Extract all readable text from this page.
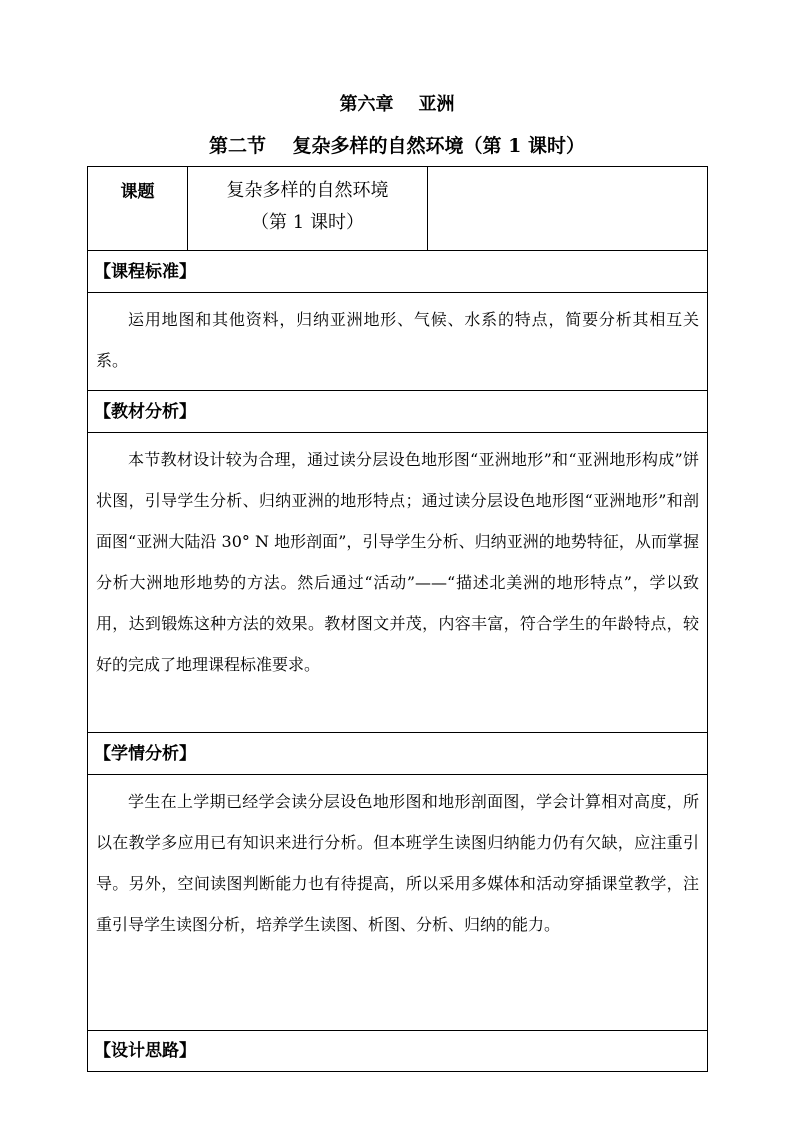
第六章    亚洲
第二节    复杂多样的自然环境（第 1 课时）
课题	复杂多样的自然环境
（第 1 课时）

【课程标准】
运用地图和其他资料，归纳亚洲地形、气候、水系的特点，简要分析其相互关系。
【教材分析】
本节教材设计较为合理，通过读分层设色地形图“亚洲地形”和“亚洲地形构成”饼状图，引导学生分析、归纳亚洲的地形特点；通过读分层设色地形图“亚洲地形”和剖面图“亚洲大陆沿 30° N 地形剖面”，引导学生分析、归纳亚洲的地势特征，从而掌握分析大洲地形地势的方法。然后通过“活动”——“描述北美洲的地形特点”，学以致用，达到锻炼这种方法的效果。教材图文并茂，内容丰富，符合学生的年龄特点，较好的完成了地理课程标准要求。
【学情分析】
学生在上学期已经学会读分层设色地形图和地形剖面图，学会计算相对高度，所以在教学多应用已有知识来进行分析。但本班学生读图归纳能力仍有欠缺，应注重引导。另外，空间读图判断能力也有待提高，所以采用多媒体和活动穿插课堂教学，注重引导学生读图分析，培养学生读图、析图、分析、归纳的能力。
【设计思路】
